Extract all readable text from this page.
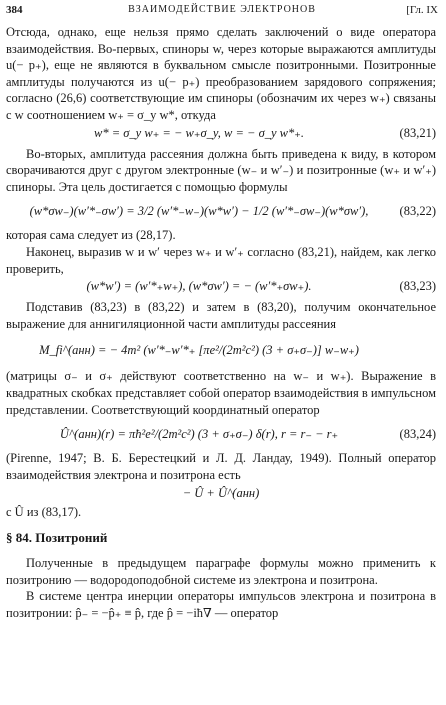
384	ВЗАИМОДЕЙСТВИЕ ЭЛЕКТРОНОВ	[Гл. IX

Отсюда, однако, еще нельзя прямо сделать заключений о виде оператора взаимодействия. Во-первых, спиноры w, через которые выражаются амплитуды u(− p₊), еще не являются в буквальном смысле позитронными. Позитронные амплитуды получаются из u(− p₊) преобразованием зарядового сопряжения; согласно (26,6) соответствующие им спиноры (обозначим их через w₊) связаны с w соотношением w₊ = σ_y w*, откуда

w* = σ_y w₊ = − w₊σ_y, w = − σ_y w*₊.	(83,21)

Во-вторых, амплитуда рассеяния должна быть приведена к виду, в котором сворачиваются друг с другом электронные (w₋ и w′₋) и позитронные (w₊ и w′₊) спиноры. Эта цель достигается с помощью формулы

(w*σw₋)(w′*₋σw′) = 3/2 (w′*₋w₋)(w*w′) − 1/2 (w′*₋σw₋)(w*σw′),	(83,22)

которая сама следует из (28,17).

Наконец, выразив w и w′ через w₊ и w′₊ согласно (83,21), найдем, как легко проверить,

(w*w′) = (w′*₊w₊), (w*σw′) = − (w′*₊σw₊).	(83,23)

Подставив (83,23) в (83,22) и затем в (83,20), получим окончательное выражение для аннигиляционной части амплитуды рассеяния

M_fi^(анн) = − 4m² (w′*₋w′*₊ [πe²/(2m²c²) (3 + σ₊σ₋)] w₋w₊)

(матрицы σ₋ и σ₊ действуют соответственно на w₋ и w₊). Выражение в квадратных скобках представляет собой оператор взаимодействия в импульсном представлении. Соответствующий координатный оператор

Û^(анн)(r) = πħ²e²/(2m²c²) (3 + σ₊σ₋) δ(r), r = r₋ − r₊	(83,24)

(Pirenne, 1947; В. Б. Берестецкий и Л. Д. Ландау, 1949). Полный оператор взаимодействия электрона и позитрона есть

− Û + Û^(анн)

с Û из (83,17).

§ 84. Позитроний

Полученные в предыдущем параграфе формулы можно применить к позитронию — водородоподобной системе из электрона и позитрона.

В системе центра инерции операторы импульсов электрона и позитрона в позитронии: p̂₋ = −p̂₊ ≡ p̂, где p̂ = −iħ∇ — оператор
